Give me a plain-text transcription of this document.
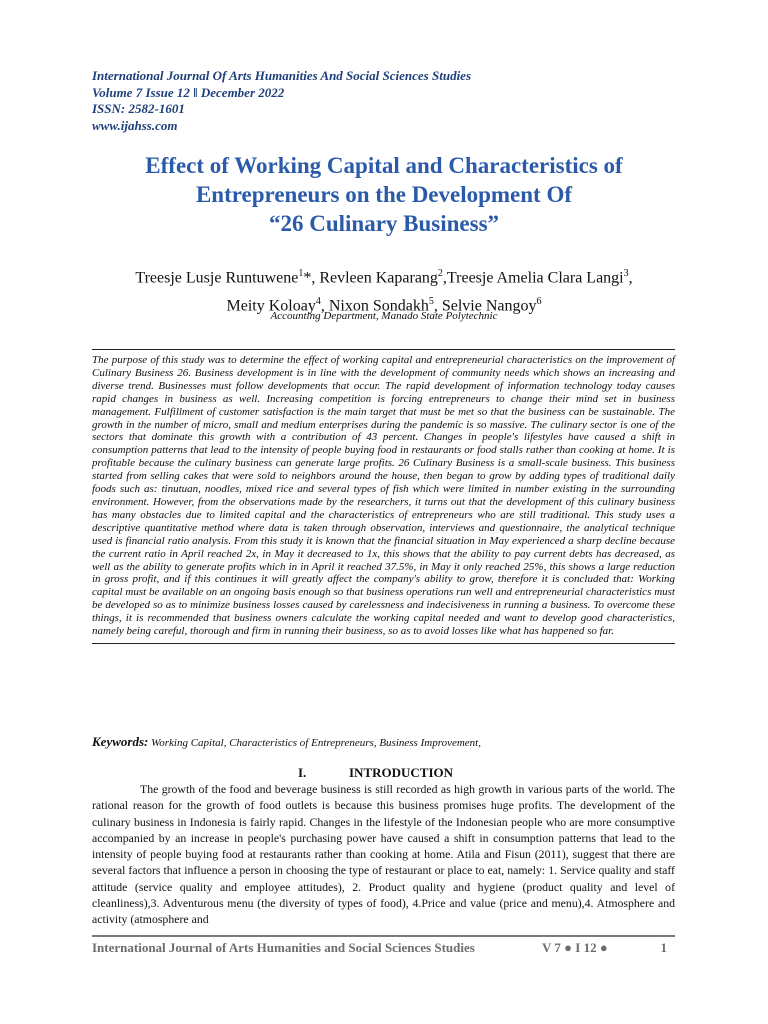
International Journal Of Arts Humanities And Social Sciences Studies
Volume 7 Issue 12 ǁ December 2022
ISSN: 2582-1601
www.ijahss.com
Effect of Working Capital and Characteristics of
Entrepreneurs on the Development Of
“26 Culinary Business”
Treesje Lusje Runtuwene$^1$*, Revleen Kaparang$^2$,Treesje Amelia Clara Langi$^3$,
Meity Koloay$^4$, Nixon Sondakh$^5$, Selvie Nangoy$^6$
Accounting Department, Manado State Polytechnic
The purpose of this study was to determine the effect of working capital and entrepreneurial characteristics on the improvement of Culinary Business 26. Business development is in line with the development of community needs which shows an increasing and diverse trend. Businesses must follow developments that occur. The rapid development of information technology today causes rapid changes in business as well. Increasing competition is forcing entrepreneurs to change their mind set in business management. Fulfillment of customer satisfaction is the main target that must be met so that the business can be sustainable. The growth in the number of micro, small and medium enterprises during the pandemic is so massive. The culinary sector is one of the sectors that dominate this growth with a contribution of 43 percent. Changes in people's lifestyles have caused a shift in consumption patterns that lead to the intensity of people buying food in restaurants or food stalls rather than cooking at home. It is profitable because the culinary business can generate large profits. 26 Culinary Business is a small-scale business. This business started from selling cakes that were sold to neighbors around the house, then began to grow by adding types of traditional daily foods such as: tinutuan, noodles, mixed rice and several types of fish which were limited in number existing in the surrounding environment. However, from the observations made by the researchers, it turns out that the development of this culinary business has many obstacles due to limited capital and the characteristics of entrepreneurs who are still traditional. This study uses a descriptive quantitative method where data is taken through observation, interviews and questionnaire, the analytical technique used is financial ratio analysis. From this study it is known that the financial situation in May experienced a sharp decline because the current ratio in April reached 2x, in May it decreased to 1x, this shows that the ability to pay current debts has decreased, as well as the ability to generate profits which in in April it reached 37.5%, in May it only reached 25%, this shows a large reduction in gross profit, and if this continues it will greatly affect the company's ability to grow, therefore it is concluded that: Working capital must be available on an ongoing basis enough so that business operations run well and entrepreneurial characteristics must be developed so as to minimize business losses caused by carelessness and indecisiveness in running a business. To overcome these things, it is recommended that business owners calculate the working capital needed and want to develop good characteristics, namely being careful, thorough and firm in running their business, so as to avoid losses like what has happened so far.
Keywords: Working Capital, Characteristics of Entrepreneurs, Business Improvement,
I.	INTRODUCTION
The growth of the food and beverage business is still recorded as high growth in various parts of the world. The rational reason for the growth of food outlets is because this business promises huge profits. The development of the culinary business in Indonesia is fairly rapid. Changes in the lifestyle of the Indonesian people who are more consumptive accompanied by an increase in people's purchasing power have caused a shift in consumption patterns that lead to the intensity of people buying food at restaurants rather than cooking at home. Atila and Fisun (2011), suggest that there are several factors that influence a person in choosing the type of restaurant or place to eat, namely: 1. Service quality and staff attitude (service quality and employee attitudes), 2. Product quality and hygiene (product quality and level of cleanliness),3. Adventurous menu (the diversity of types of food), 4.Price and value (price and menu),4. Atmosphere and activity (atmosphere and
International Journal of Arts Humanities and Social Sciences Studies	V 7 ● I 12 ●	1
